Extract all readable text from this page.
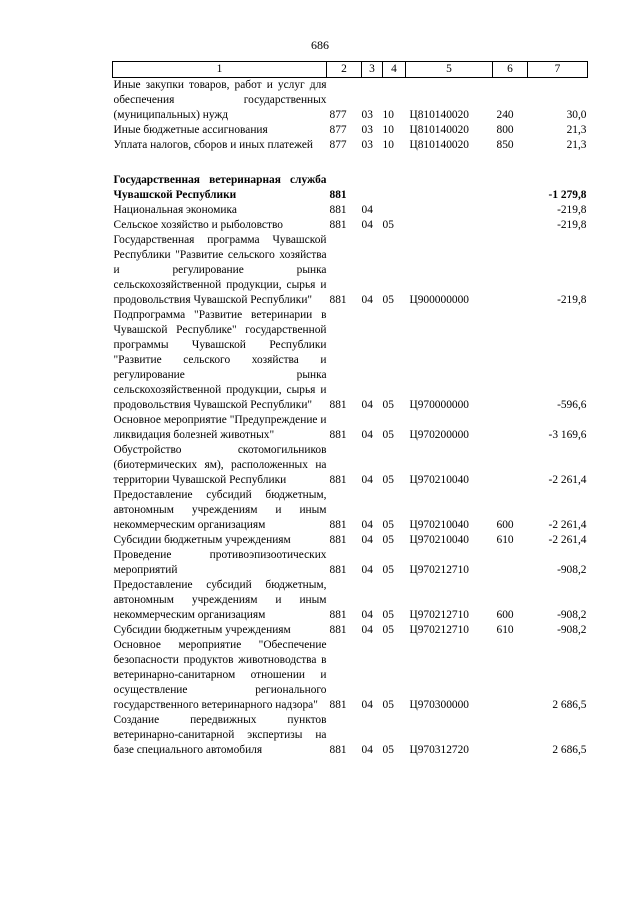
686
1	2	3	4	5	6	7
Иные закупки товаров, работ и услуг для обеспечения государственных (муниципальных) нужд	877	03	10	Ц810140020	240	30,0
Иные бюджетные ассигнования	877	03	10	Ц810140020	800	21,3
Уплата налогов, сборов и иных платежей	877	03	10	Ц810140020	850	21,3

Государственная ветеринарная служба Чувашской Республики	881					-1 279,8
Национальная экономика	881	04				-219,8
Сельское хозяйство и рыболовство	881	04	05			-219,8
Государственная программа Чувашской Республики "Развитие сельского хозяйства и регулирование рынка сельскохозяйственной продукции, сырья и продовольствия Чувашской Республики"	881	04	05	Ц900000000		-219,8
Подпрограмма "Развитие ветеринарии в Чувашской Республике" государственной программы Чувашской Республики "Развитие сельского хозяйства и регулирование рынка сельскохозяйственной продукции, сырья и продовольствия Чувашской Республики"	881	04	05	Ц970000000		-596,6
Основное мероприятие "Предупреждение и ликвидация болезней животных"	881	04	05	Ц970200000		-3 169,6
Обустройство скотомогильников (биотермических ям), расположенных на территории Чувашской Республики	881	04	05	Ц970210040		-2 261,4
Предоставление субсидий бюджетным, автономным учреждениям и иным некоммерческим организациям	881	04	05	Ц970210040	600	-2 261,4
Субсидии бюджетным учреждениям	881	04	05	Ц970210040	610	-2 261,4
Проведение противоэпизоотических мероприятий	881	04	05	Ц970212710		-908,2
Предоставление субсидий бюджетным, автономным учреждениям и иным некоммерческим организациям	881	04	05	Ц970212710	600	-908,2
Субсидии бюджетным учреждениям	881	04	05	Ц970212710	610	-908,2
Основное мероприятие "Обеспечение безопасности продуктов животноводства в ветеринарно-санитарном отношении и осуществление регионального государственного ветеринарного надзора"	881	04	05	Ц970300000		2 686,5
Создание передвижных пунктов ветеринарно-санитарной экспертизы на базе специального автомобиля	881	04	05	Ц970312720		2 686,5
